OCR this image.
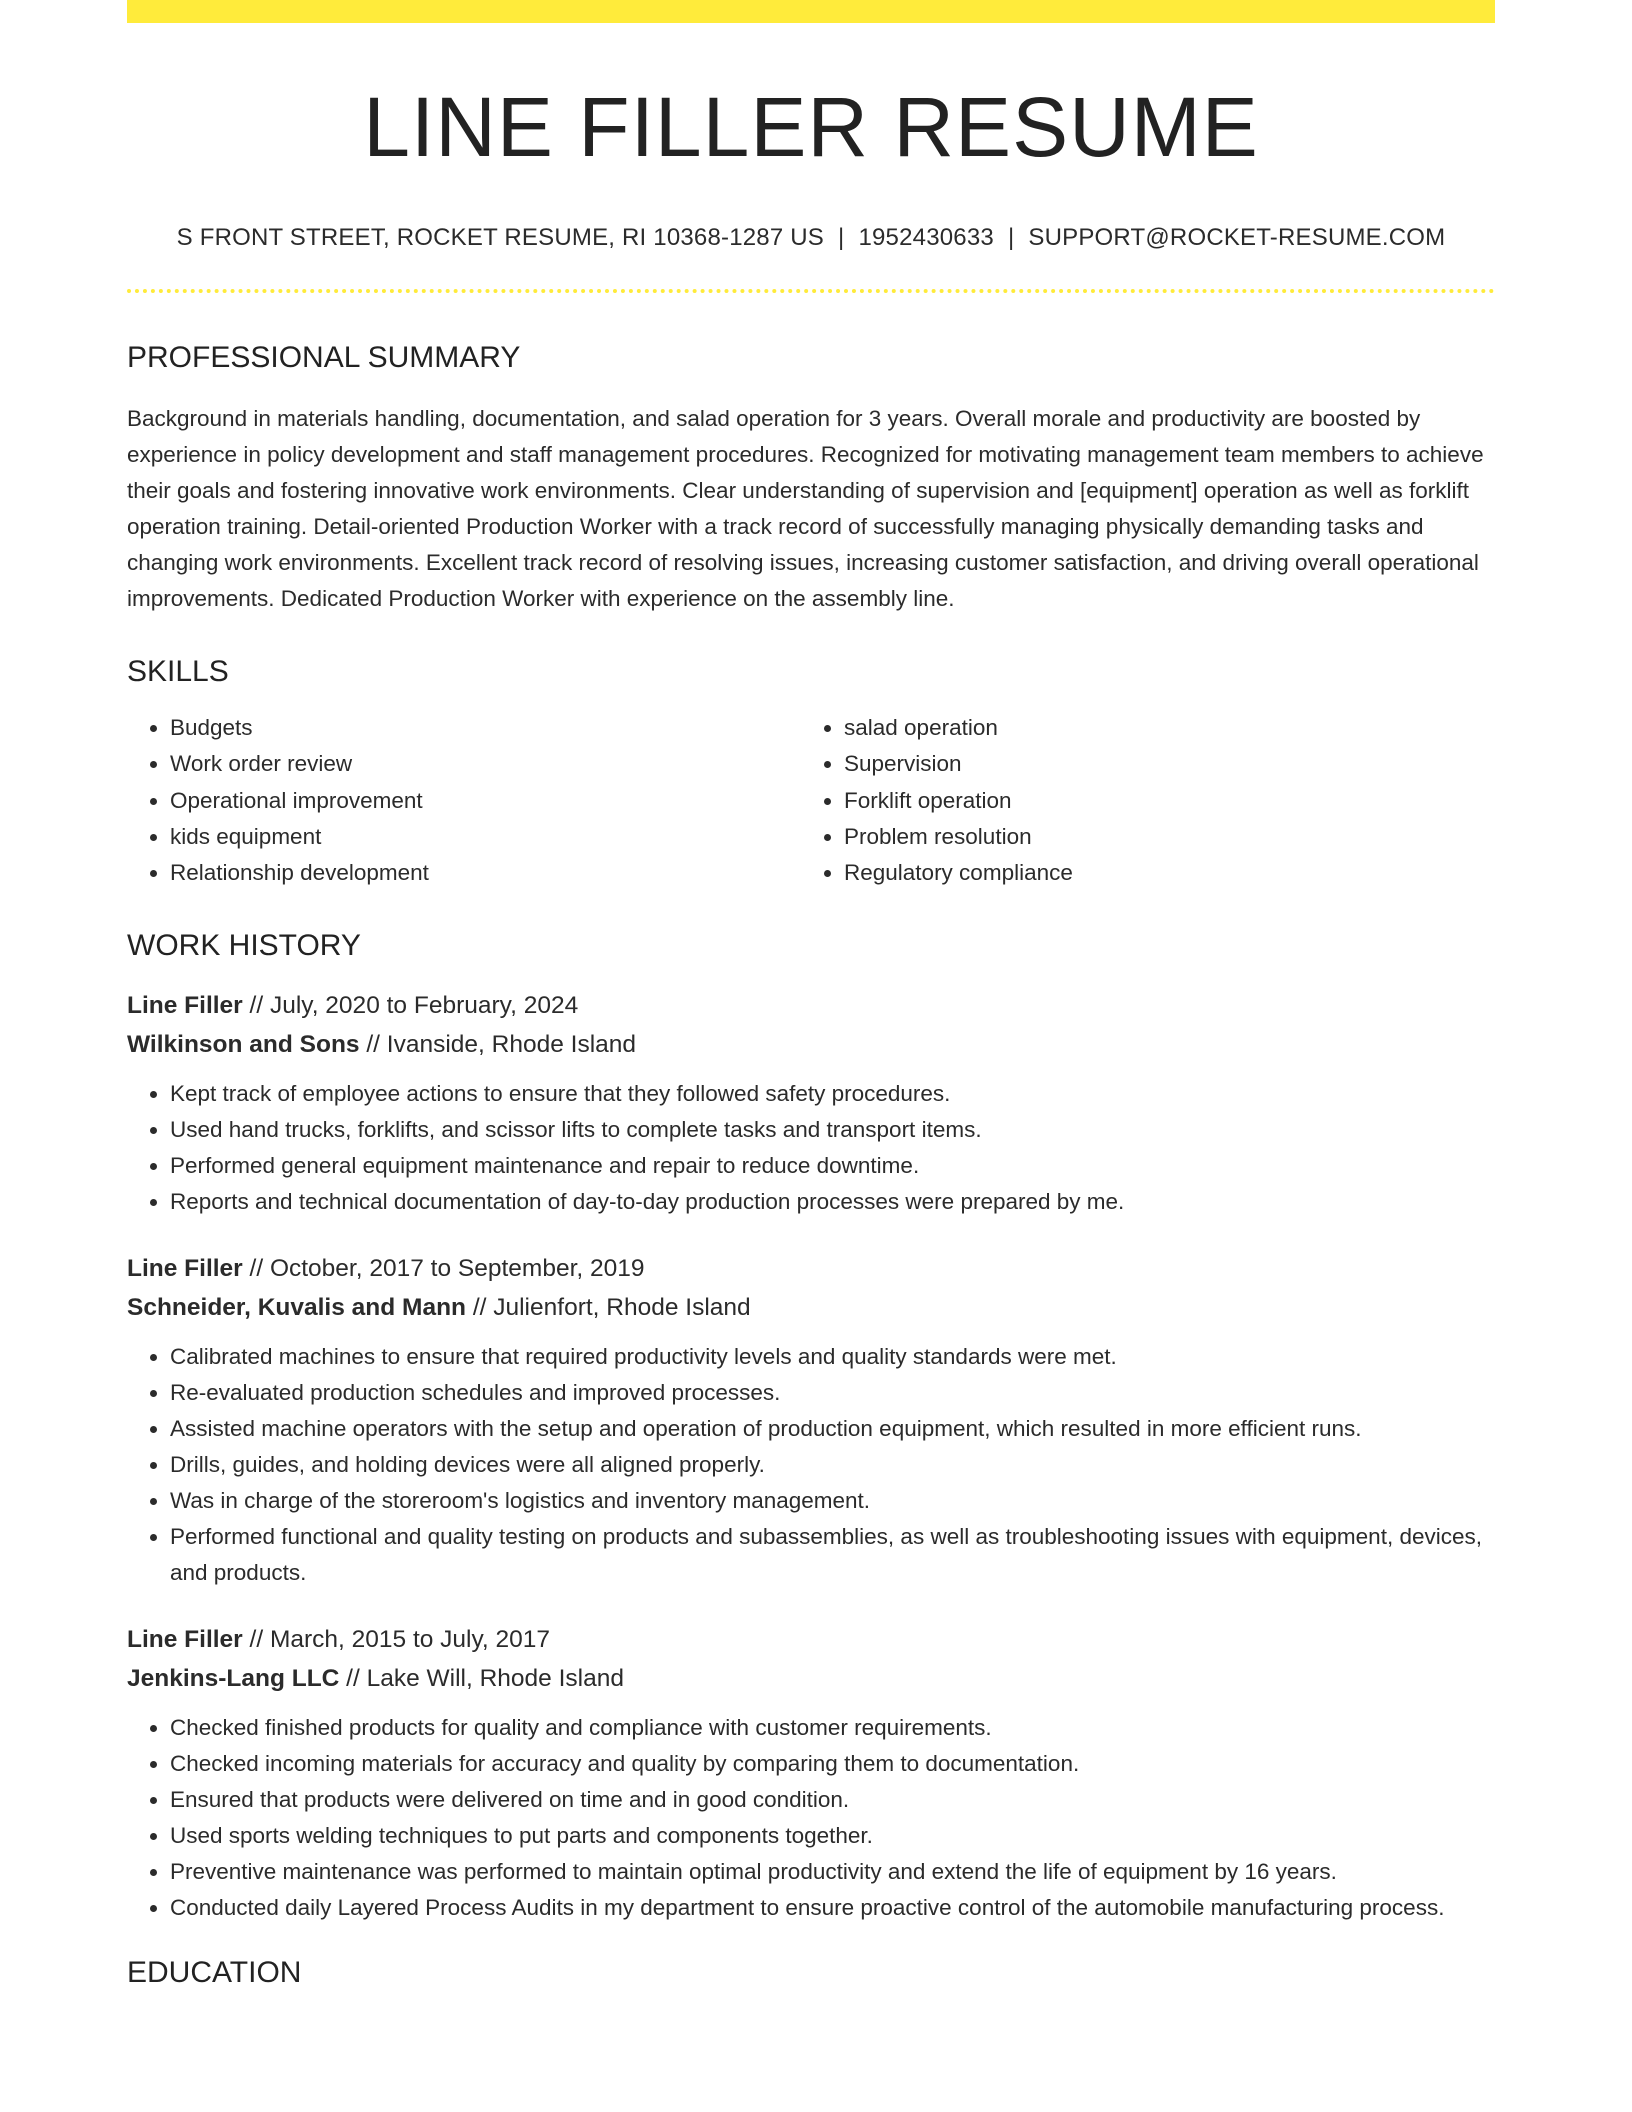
LINE FILLER RESUME
S FRONT STREET, ROCKET RESUME, RI 10368-1287 US | 1952430633 | SUPPORT@ROCKET-RESUME.COM
PROFESSIONAL SUMMARY
Background in materials handling, documentation, and salad operation for 3 years. Overall morale and productivity are boosted by experience in policy development and staff management procedures. Recognized for motivating management team members to achieve their goals and fostering innovative work environments. Clear understanding of supervision and [equipment] operation as well as forklift operation training. Detail-oriented Production Worker with a track record of successfully managing physically demanding tasks and changing work environments. Excellent track record of resolving issues, increasing customer satisfaction, and driving overall operational improvements. Dedicated Production Worker with experience on the assembly line.
SKILLS
• Budgets
• Work order review
• Operational improvement
• kids equipment
• Relationship development
• salad operation
• Supervision
• Forklift operation
• Problem resolution
• Regulatory compliance
WORK HISTORY
Line Filler // July, 2020 to February, 2024
Wilkinson and Sons // Ivanside, Rhode Island
• Kept track of employee actions to ensure that they followed safety procedures.
• Used hand trucks, forklifts, and scissor lifts to complete tasks and transport items.
• Performed general equipment maintenance and repair to reduce downtime.
• Reports and technical documentation of day-to-day production processes were prepared by me.
Line Filler // October, 2017 to September, 2019
Schneider, Kuvalis and Mann // Julienfort, Rhode Island
• Calibrated machines to ensure that required productivity levels and quality standards were met.
• Re-evaluated production schedules and improved processes.
• Assisted machine operators with the setup and operation of production equipment, which resulted in more efficient runs.
• Drills, guides, and holding devices were all aligned properly.
• Was in charge of the storeroom's logistics and inventory management.
• Performed functional and quality testing on products and subassemblies, as well as troubleshooting issues with equipment, devices, and products.
Line Filler // March, 2015 to July, 2017
Jenkins-Lang LLC // Lake Will, Rhode Island
• Checked finished products for quality and compliance with customer requirements.
• Checked incoming materials for accuracy and quality by comparing them to documentation.
• Ensured that products were delivered on time and in good condition.
• Used sports welding techniques to put parts and components together.
• Preventive maintenance was performed to maintain optimal productivity and extend the life of equipment by 16 years.
• Conducted daily Layered Process Audits in my department to ensure proactive control of the automobile manufacturing process.
EDUCATION
